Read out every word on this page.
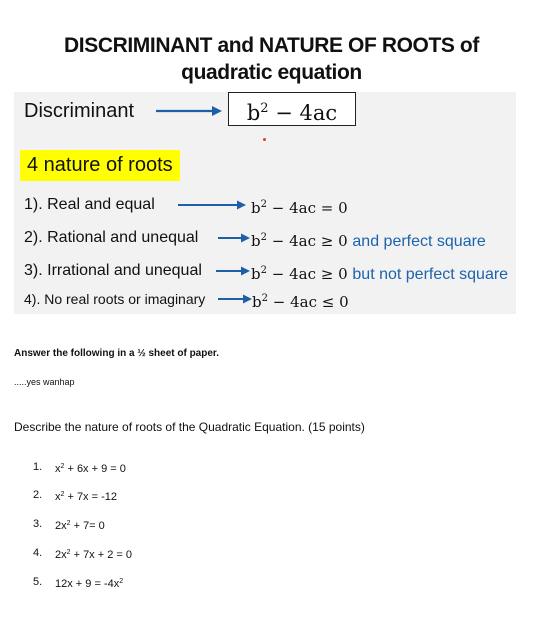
DISCRIMINANT and NATURE OF ROOTS of
quadratic equation
Discriminant	$b^2 - 4ac$
4 nature of roots
1). Real and equal	$b^2 - 4ac = 0$
2). Rational and unequal	$b^2 - 4ac \ge 0$ and perfect square
3). Irrational and unequal	$b^2 - 4ac \ge 0$ but not perfect square
4). No real roots or imaginary	$b^2 - 4ac \le 0$
Answer the following in a ½ sheet of paper.
.....yes wanhap
Describe the nature of roots of the Quadratic Equation. (15 points)
1. $x^2 + 6x + 9 = 0$
2. $x^2 + 7x = -12$
3. $2x^2 + 7= 0$
4. $2x^2 + 7x + 2 = 0$
5. $12x + 9 = -4x^2$
